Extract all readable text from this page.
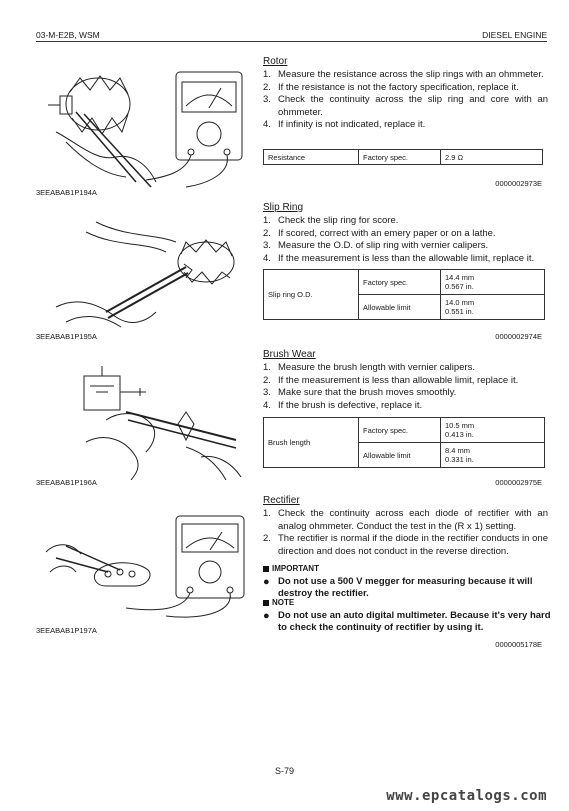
03-M-E2B, WSM	DIESEL ENGINE
3EEABAB1P194A
Rotor
1. Measure the resistance across the slip rings with an ohmmeter.
2. If the resistance is not the factory specification, replace it.
3. Check the continuity across the slip ring and core with an ohmmeter.
4. If infinity is not indicated, replace it.
Resistance	Factory spec.	2.9 Ω
0000002973E
3EEABAB1P195A
Slip Ring
1. Check the slip ring for score.
2. If scored, correct with an emery paper or on a lathe.
3. Measure the O.D. of slip ring with vernier calipers.
4. If the measurement is less than the allowable limit, replace it.
Slip ring O.D.	Factory spec.	14.4 mm
0.567 in.

	Allowable limit	14.0 mm
0.551 in.
0000002974E
3EEABAB1P196A
Brush Wear
1. Measure the brush length with vernier calipers.
2. If the measurement is less than allowable limit, replace it.
3. Make sure that the brush moves smoothly.
4. If the brush is defective, replace it.
Brush length	Factory spec.	10.5 mm
0.413 in.

	Allowable limit	8.4 mm
0.331 in.
0000002975E
3EEABAB1P197A
Rectifier
1. Check the continuity across each diode of rectifier with an analog ohmmeter. Conduct the test in the (R x 1) setting.
2. The rectifier is normal if the diode in the rectifier conducts in one direction and does not conduct in the reverse direction.
IMPORTANT
● Do not use a 500 V megger for measuring because it will destroy the rectifier.
NOTE
● Do not use an auto digital multimeter. Because it's very hard to check the continuity of rectifier by using it.
0000005178E
S-79
www.epcatalogs.com
